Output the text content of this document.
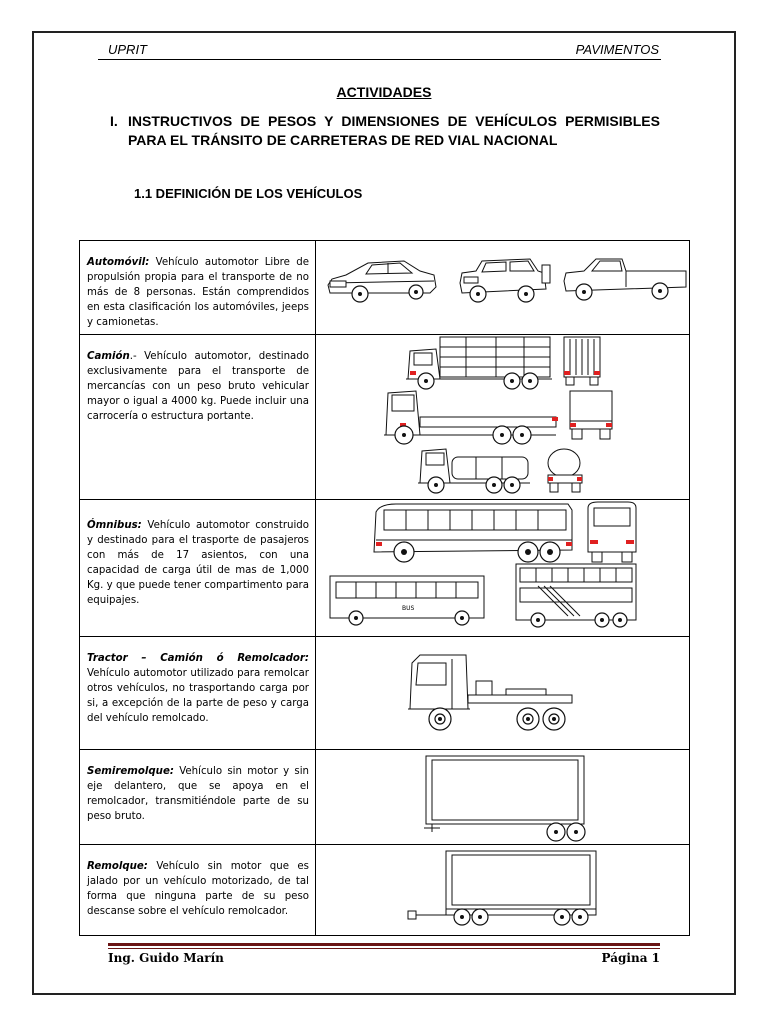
UPRIT	PAVIMENTOS
ACTIVIDADES
I. INSTRUCTIVOS DE PESOS Y DIMENSIONES DE VEHÍCULOS PERMISIBLES PARA EL TRÁNSITO DE CARRETERAS DE RED VIAL NACIONAL
1.1 DEFINICIÓN DE LOS VEHÍCULOS
Automóvil: Vehículo automotor Libre de propulsión propia para el transporte de no más de 8 personas. Están comprendidos en esta clasificación los automóviles, jeeps y camionetas.	

Camión.- Vehículo automotor, destinado exclusivamente para el transporte de mercancías con un peso bruto vehicular mayor o igual a 4000 kg. Puede incluir una carrocería o estructura portante.	

Ómnibus: Vehículo automotor construido y destinado para el trasporte de pasajeros con más de 17 asientos, con una capacidad de carga útil de mas de 1,000 Kg. y que puede tener compartimento para equipajes.	BUS

Tractor – Camión ó Remolcador: Vehículo automotor utilizado para remolcar otros vehículos, no trasportando carga por si, a excepción de la parte de peso y carga del vehículo remolcado.	

Semiremolque: Vehículo sin motor y sin eje delantero, que se apoya en el remolcador, transmitiéndole parte de su peso bruto.	

Remolque: Vehículo sin motor que es jalado por un vehículo motorizado, de tal forma que ninguna parte de su peso descanse sobre el vehículo remolcador.	
Ing. Guido Marín	Página 1
